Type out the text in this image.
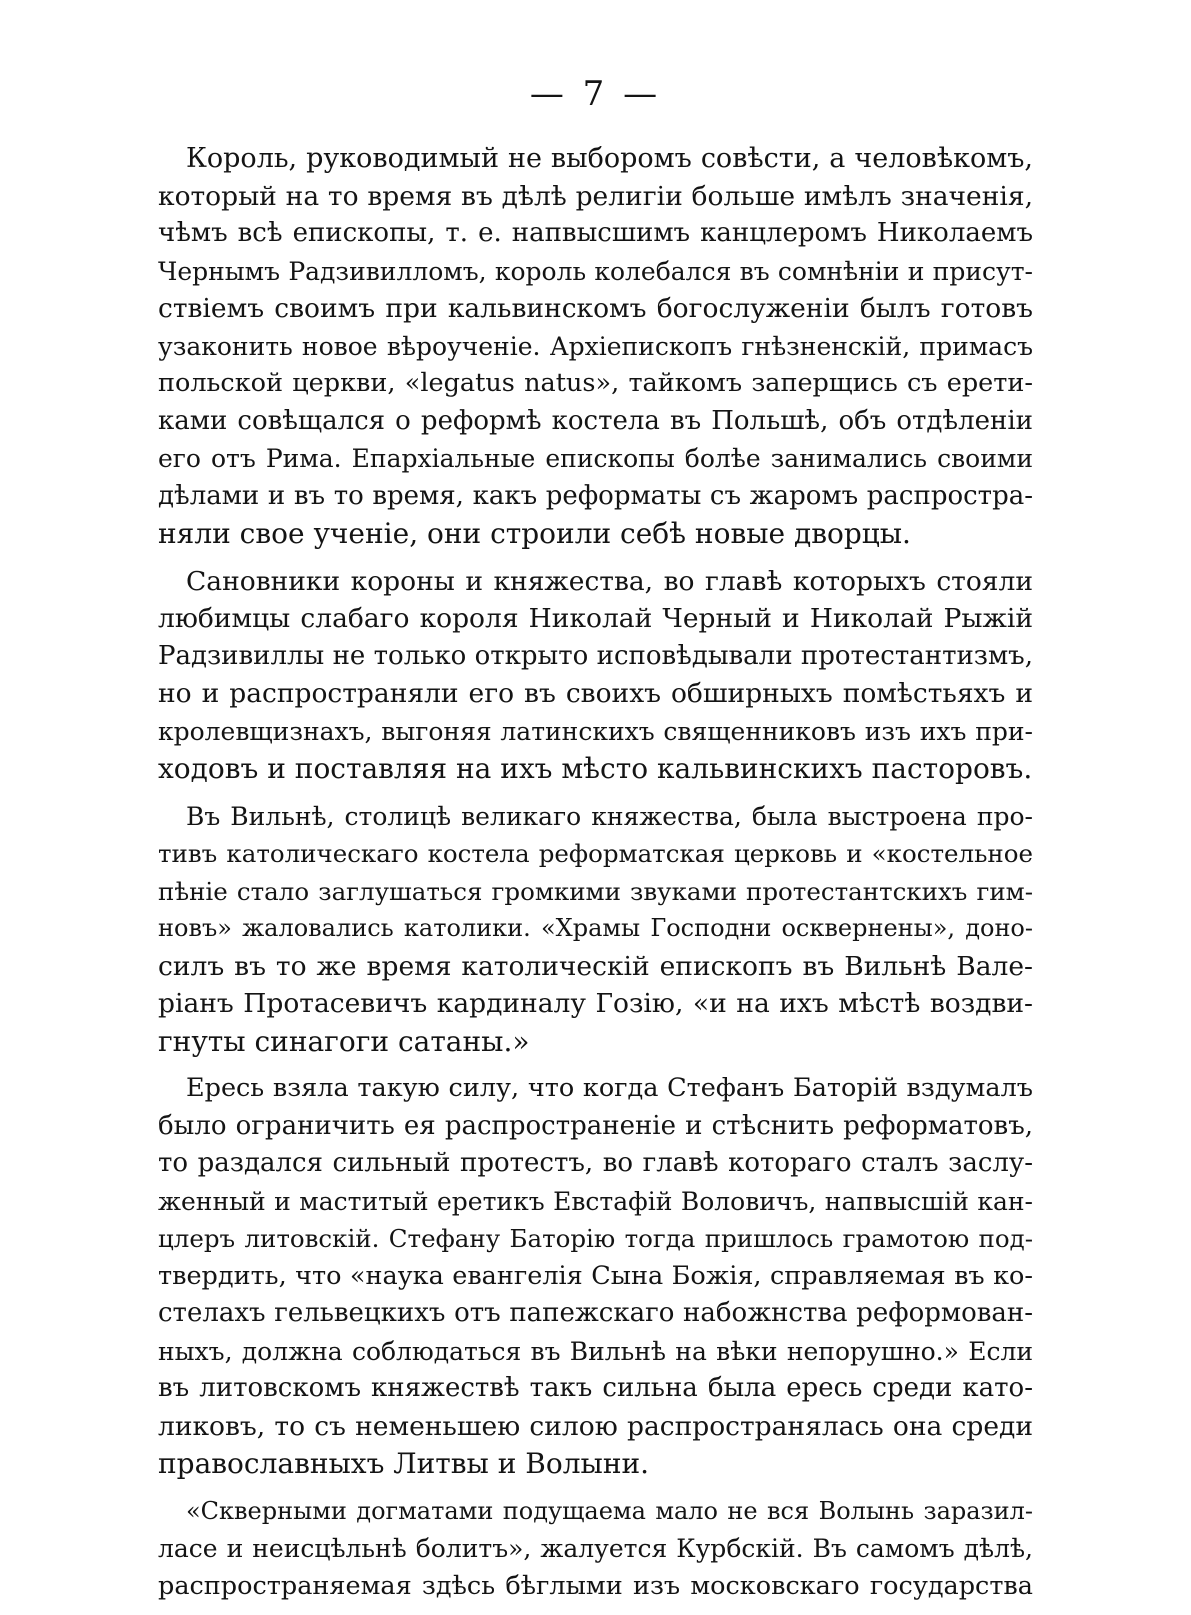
— 7 —
Король, руководимый не выборомъ совѣсти, а человѣкомъ,
который на то время въ дѣлѣ религіи больше имѣлъ значенія,
чѣмъ всѣ епископы, т. е. напвысшимъ канцлеромъ Николаемъ
Чернымъ Радзивилломъ, король колебался въ сомнѣніи и присут-
ствіемъ своимъ при кальвинскомъ богослуженіи былъ готовъ
узаконить новое вѣроученіе. Архіепископъ гнѣзненскій, примасъ
польской церкви, «legatus natus», тайкомъ заперщись съ ерети-
ками совѣщался о реформѣ костела въ Польшѣ, объ отдѣленіи
его отъ Рима. Епархіальные епископы болѣе занимались своими
дѣлами и въ то время, какъ реформаты съ жаромъ распростра-
няли свое ученіе, они строили себѣ новые дворцы.
Сановники короны и княжества, во главѣ которыхъ стояли
любимцы слабаго короля Николай Черный и Николай Рыжій
Радзивиллы не только открыто исповѣдывали протестантизмъ,
но и распространяли его въ своихъ обширныхъ помѣстьяхъ и
кролевщизнахъ, выгоняя латинскихъ священниковъ изъ ихъ при-
ходовъ и поставляя на ихъ мѣсто кальвинскихъ пасторовъ.
Въ Вильнѣ, столицѣ великаго княжества, была выстроена про-
тивъ католическаго костела реформатская церковь и «костельное
пѣніе стало заглушаться громкими звуками протестантскихъ гим-
новъ» жаловались католики. «Храмы Господни осквернены», доно-
силъ въ то же время католическій епископъ въ Вильнѣ Вале-
ріанъ Протасевичъ кардиналу Гозію, «и на ихъ мѣстѣ воздви-
гнуты синагоги сатаны.»
Ересь взяла такую силу, что когда Стефанъ Баторій вздумалъ
было ограничить ея распространеніе и стѣснить реформатовъ,
то раздался сильный протестъ, во главѣ котораго сталъ заслу-
женный и маститый еретикъ Евстафій Воловичъ, напвысшій кан-
цлеръ литовскій. Стефану Баторію тогда пришлось грамотою под-
твердить, что «наука евангелія Сына Божія, справляемая въ ко-
стелахъ гельвецкихъ отъ папежскаго набожнства реформован-
ныхъ, должна соблюдаться въ Вильнѣ на вѣки непорушно.» Если
въ литовскомъ княжествѣ такъ сильна была ересь среди като-
ликовъ, то съ неменьшею силою распространялась она среди
православныхъ Литвы и Волыни.
«Скверными догматами подущаема мало не вся Волынь заразил-
ласе и неисцѣльнѣ болитъ», жалуется Курбскій. Въ самомъ дѣлѣ,
распространяемая здѣсь бѣглыми изъ московскаго государства
